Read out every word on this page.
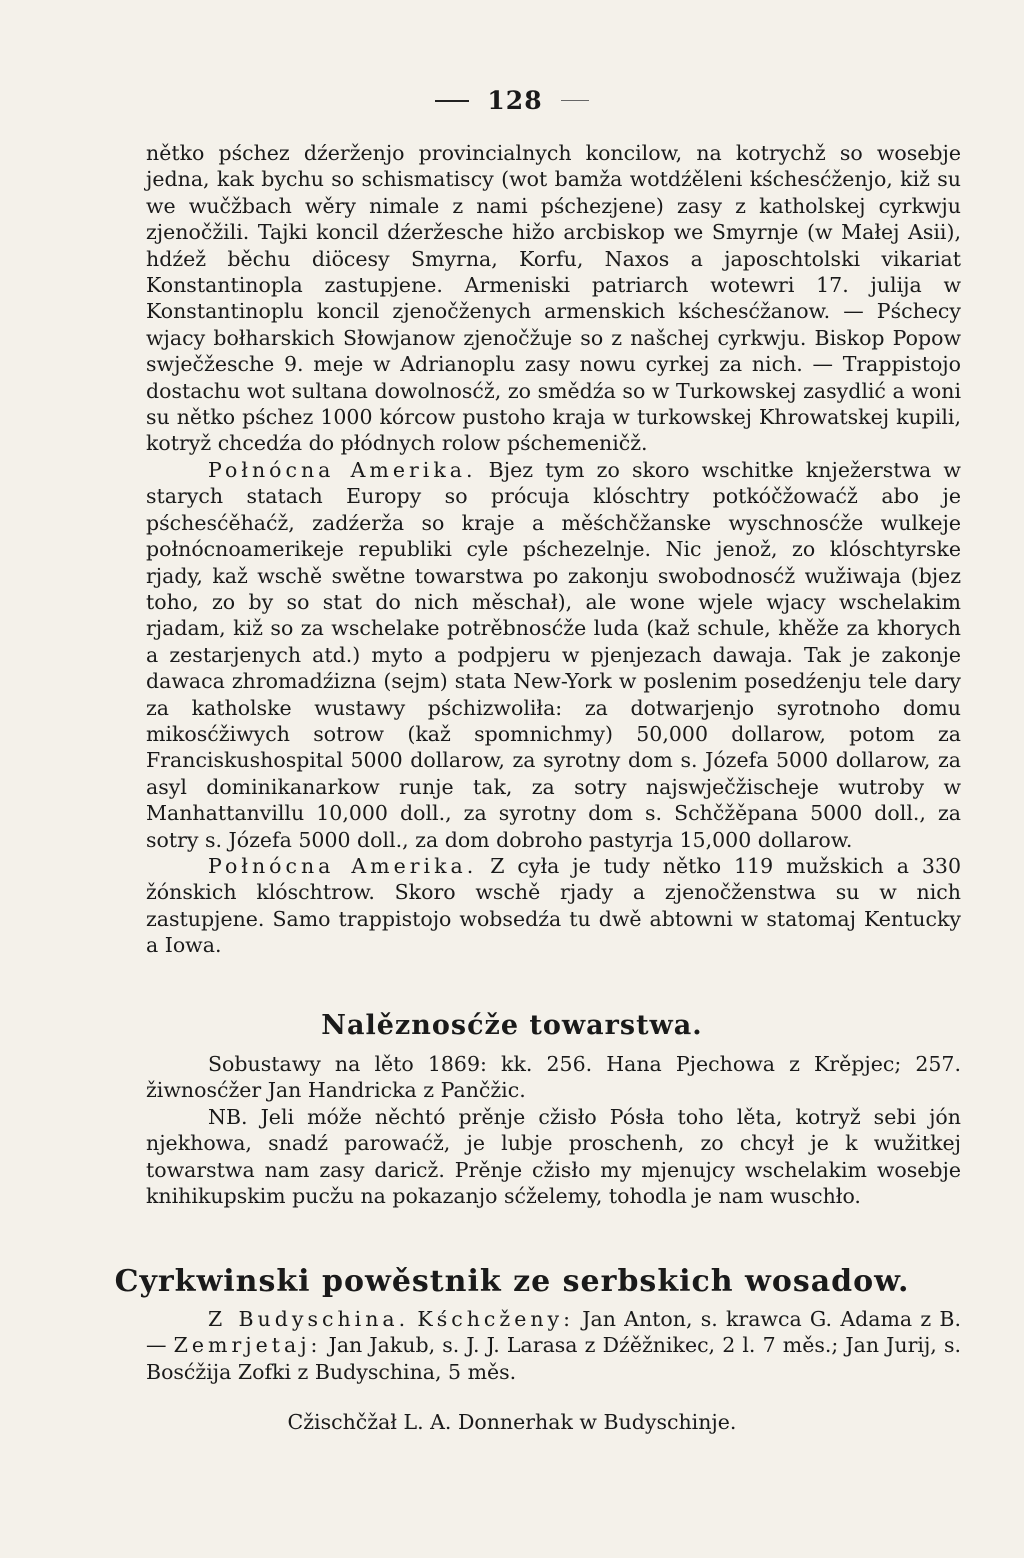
128

nětko pśchez dźerženjo provincialnych koncilow, na kotrychž so wosebje jedna, kak bychu so schismatiscy (wot bamža wotdźěleni kśchesćženjo, kiž su we wučžbach wěry nimale z nami pśchezjene) zasy z katholskej cyrkwju zjenočžili. Tajki koncil dźeržesche hižo arcbiskop we Smyrnje (w Małej Asii), hdźež běchu diöcesy Smyrna, Korfu, Naxos a japoschtolski vikariat Konstantinopla zastupjene. Armeniski patriarch wotewri 17. julija w Konstantinoplu koncil zjenočženych armenskich kśchesćžanow. — Pśchecy wjacy bołharskich Słowjanow zjenočžuje so z našchej cyrkwju. Biskop Popow swječžesche 9. meje w Adrianoplu zasy nowu cyrkej za nich. — Trappistojo dostachu wot sultana dowolnosćž, zo smědźa so w Turkowskej zasydlić a woni su nětko pśchez 1000 kórcow pustoho kraja w turkowskej Khrowatskej kupili, kotryž chcedźa do płódnych rolow pśchemeničž.

Połnócna Amerika. Bjez tym zo skoro wschitke knježerstwa w starych statach Europy so prócuja klóschtry potkóčžowaćž abo je pśchesćěhaćž, zadźerža so kraje a měśchčžanske wyschnosćže wulkeje połnócnoamerikeje republiki cyle pśchezelnje. Nic jenož, zo klóschtyrske rjady, kaž wschě swětne towarstwa po zakonju swobodnosćž wužiwaja (bjez toho, zo by so stat do nich měschał), ale wone wjele wjacy wschelakim rjadam, kiž so za wschelake potrěbnosćže luda (kaž schule, khěže za khorych a zestarjenych atd.) myto a podpjeru w pjenjezach dawaja. Tak je zakonje dawaca zhromadźizna (sejm) stata New-York w poslenim posedźenju tele dary za katholske wustawy pśchizwoliła: za dotwarjenjo syrotnoho domu mikosćžiwych sotrow (kaž spomnichmy) 50,000 dollarow, potom za Franciskushospital 5000 dollarow, za syrotny dom s. Józefa 5000 dollarow, za asyl dominikanarkow runje tak, za sotry najswječžischeje wutroby w Manhattanvillu 10,000 doll., za syrotny dom s. Schčžěpana 5000 doll., za sotry s. Józefa 5000 doll., za dom dobroho pastyrja 15,000 dollarow.

Połnócna Amerika. Z cyła je tudy nětko 119 mužskich a 330 žónskich klóschtrow. Skoro wschě rjady a zjenočženstwa su w nich zastupjene. Samo trappistojo wobsedźa tu dwě abtowni w statomaj Kentucky a Iowa.

Nalěznosćže towarstwa.

Sobustawy na lěto 1869: kk. 256. Hana Pjechowa z Krěpjec; 257. žiwnosćžer Jan Handricka z Pančžic.

NB. Jeli móže něchtó prěnje cžisło Pósła toho lěta, kotryž sebi jón njekhowa, snadź parowaćž, je lubje proschenh, zo chcył je k wužitkej towarstwa nam zasy daricž. Prěnje cžisło my mjenujcy wschelakim wosebje knihikupskim pucžu na pokazanjo sćželemy, tohodla je nam wuschło.

Cyrkwinski powěstnik ze serbskich wosadow.

Z Budyschina. Kśchcženy: Jan Anton, s. krawca G. Adama z B. — Zemrjetaj: Jan Jakub, s. J. J. Larasa z Dźěžnikec, 2 l. 7 měs.; Jan Jurij, s. Bosćžija Zofki z Budyschina, 5 měs.

Cžischčžał L. A. Donnerhak w Budyschinje.
